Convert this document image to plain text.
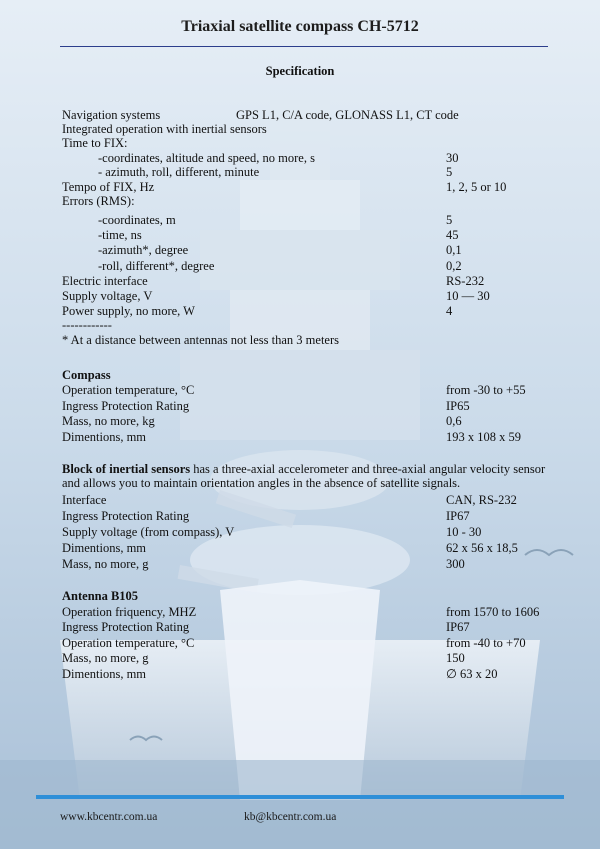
Triaxial satellite compass CH-5712
Specification
Navigation systems	GPS L1, C/A code, GLONASS L1, CT code
Integrated operation with inertial sensors
Time to FIX:
-coordinates, altitude and speed, no more, s	30
- azimuth, roll, different, minute	5
Tempo of FIX, Hz	1, 2, 5 or 10
Errors (RMS):
-coordinates, m	5
-time, ns	45
-azimuth*, degree	0,1
-roll, different*, degree	0,2
Electric interface	RS-232
Supply voltage, V	10 — 30
Power supply, no more, W	4
------------
* At a distance between antennas not less than 3 meters
Compass
Operation temperature, °C	from -30 to +55
Ingress Protection Rating	IP65
Mass, no more, kg	0,6
Dimentions, mm	193 x 108 x 59
Block of inertial sensors has a three-axial accelerometer and three-axial angular velocity sensor and allows you to maintain orientation angles in the absence of satellite signals.
Interface	CAN, RS-232
Ingress Protection Rating	IP67
Supply voltage (from compass), V	10 - 30
Dimentions, mm	62 x 56 x 18,5
Mass, no more, g	300
Antenna B105
Operation friquency, MHZ	from 1570 to 1606
Ingress Protection Rating	IP67
Operation temperature, °C	from -40 to +70
Mass, no more, g	150
Dimentions, mm	∅ 63 x 20
www.kbcentr.com.ua	kb@kbcentr.com.ua
